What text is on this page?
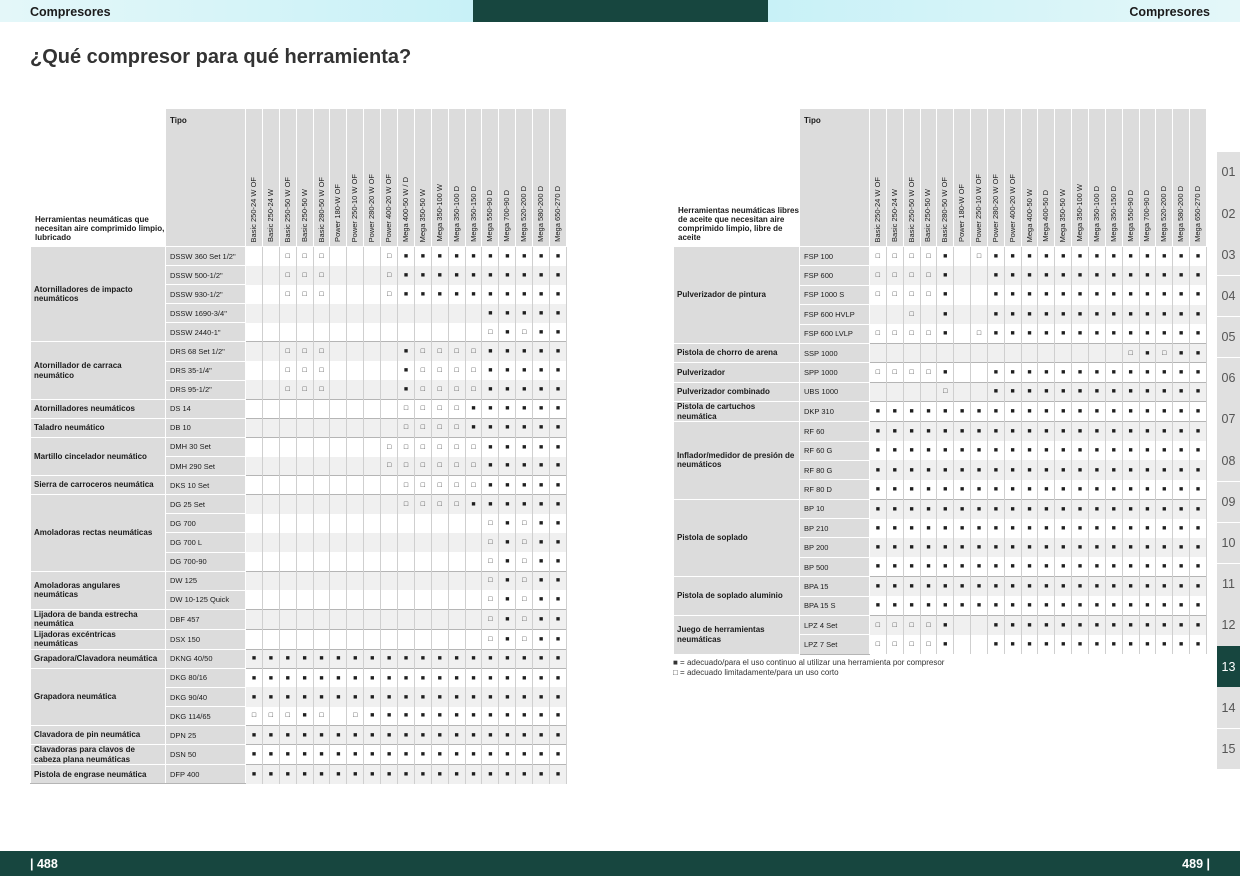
Compresores	Compresores
¿Qué compresor para qué herramienta?
Herramientas neumáticas que necesitan aire comprimido limpio, lubricado	Tipo	Basic 250-24 W OF	Basic 250-24 W	Basic 250-50 W OF	Basic 250-50 W	Basic 280-50 W OF	Power 180-W OF	Power 250-10 W OF	Power 280-20 W OF	Power 400-20 W OF	Mega 400-50 W / D	Mega 350-50 W	Mega 350-100 W	Mega 350-100 D	Mega 350-150 D	Mega 550-90 D	Mega 700-90 D	Mega 520-200 D	Mega 580-200 D	Mega 650-270 D

Atornilladores de impacto neumáticos	DSSW 360 Set 1/2"			□	□	□				□	■	■	■	■	■	■	■	■	■	■
	DSSW 500-1/2"			□	□	□				□	■	■	■	■	■	■	■	■	■	■
	DSSW 930-1/2"			□	□	□				□	■	■	■	■	■	■	■	■	■	■
	DSSW 1690-3/4"															■	■	■	■	■
	DSSW 2440-1"															□	■	□	■	■
Atornillador de carraca neumático	DRS 68 Set 1/2"			□	□	□					■	□	□	□	□	■	■	■	■	■
	DRS 35-1/4"			□	□	□					■	□	□	□	□	■	■	■	■	■
	DRS 95-1/2"			□	□	□					■	□	□	□	□	■	■	■	■	■
Atornilladores neumáticos	DS 14										□	□	□	□	■	■	■	■	■	■
Taladro neumático	DB 10										□	□	□	□	■	■	■	■	■	■
Martillo cincelador neumático	DMH 30 Set									□	□	□	□	□	□	■	■	■	■	■
	DMH 290 Set									□	□	□	□	□	□	■	■	■	■	■
Sierra de carroceros neumática	DKS 10 Set										□	□	□	□	□	■	■	■	■	■
Amoladoras rectas neumáticas	DG 25 Set										□	□	□	□	■	■	■	■	■	■
	DG 700															□	■	□	■	■
	DG 700 L															□	■	□	■	■
	DG 700-90															□	■	□	■	■
Amoladoras angulares neumáticas	DW 125															□	■	□	■	■
	DW 10-125 Quick															□	■	□	■	■
Lijadora de banda estrecha neumática	DBF 457															□	■	□	■	■
Lijadoras excéntricas neumáticas	DSX 150															□	■	□	■	■
Grapadora/Clavadora neumática	DKNG 40/50	■	■	■	■	■	■	■	■	■	■	■	■	■	■	■	■	■	■	■
Grapadora neumática	DKG 80/16	■	■	■	■	■	■	■	■	■	■	■	■	■	■	■	■	■	■	■
	DKG 90/40	■	■	■	■	■	■	■	■	■	■	■	■	■	■	■	■	■	■	■
	DKG 114/65	□	□	□	■	□		□	■	■	■	■	■	■	■	■	■	■	■	■
Clavadora de pin neumática	DPN 25	■	■	■	■	■	■	■	■	■	■	■	■	■	■	■	■	■	■	■
Clavadoras para clavos de cabeza plana neumáticas	DSN 50	■	■	■	■	■	■	■	■	■	■	■	■	■	■	■	■	■	■	■
Pistola de engrase neumática	DFP 400	■	■	■	■	■	■	■	■	■	■	■	■	■	■	■	■	■	■	■
Herramientas neumáticas libres de aceite que necesitan aire comprimido limpio, libre de aceite	Tipo	Basic 250-24 W OF	Basic 250-24 W	Basic 250-50 W OF	Basic 250-50 W	Basic 280-50 W OF	Power 180-W OF	Power 250-10 W OF	Power 280-20 W OF	Power 400-20 W OF	Mega 400-50 W	Mega 400-50 D	Mega 350-50 W	Mega 350-100 W	Mega 350-100 D	Mega 350-150 D	Mega 550-90 D	Mega 700-90 D	Mega 520-200 D	Mega 580-200 D	Mega 650-270 D

Pulverizador de pintura	FSP 100	□	□	□	□	■		□	■	■	■	■	■	■	■	■	■	■	■	■	■
	FSP 600	□	□	□	□	■			■	■	■	■	■	■	■	■	■	■	■	■	■
	FSP 1000 S	□	□	□	□	■			■	■	■	■	■	■	■	■	■	■	■	■	■
	FSP 600 HVLP			□		■			■	■	■	■	■	■	■	■	■	■	■	■	■
	FSP 600 LVLP	□	□	□	□	■		□	■	■	■	■	■	■	■	■	■	■	■	■	■
Pistola de chorro de arena	SSP 1000																□	■	□	■	■
Pulverizador	SPP 1000	□	□	□	□	■			■	■	■	■	■	■	■	■	■	■	■	■	■
Pulverizador combinado	UBS 1000					□			■	■	■	■	■	■	■	■	■	■	■	■	■
Pistola de cartuchos neumática	DKP 310	■	■	■	■	■	■	■	■	■	■	■	■	■	■	■	■	■	■	■	■
Inflador/medidor de presión de neumáticos	RF 60	■	■	■	■	■	■	■	■	■	■	■	■	■	■	■	■	■	■	■	■
	RF 60 G	■	■	■	■	■	■	■	■	■	■	■	■	■	■	■	■	■	■	■	■
	RF 80 G	■	■	■	■	■	■	■	■	■	■	■	■	■	■	■	■	■	■	■	■
	RF 80 D	■	■	■	■	■	■	■	■	■	■	■	■	■	■	■	■	■	■	■	■
Pistola de soplado	BP 10	■	■	■	■	■	■	■	■	■	■	■	■	■	■	■	■	■	■	■	■
	BP 210	■	■	■	■	■	■	■	■	■	■	■	■	■	■	■	■	■	■	■	■
	BP 200	■	■	■	■	■	■	■	■	■	■	■	■	■	■	■	■	■	■	■	■
	BP 500	■	■	■	■	■	■	■	■	■	■	■	■	■	■	■	■	■	■	■	■
Pistola de soplado aluminio	BPA 15	■	■	■	■	■	■	■	■	■	■	■	■	■	■	■	■	■	■	■	■
	BPA 15 S	■	■	■	■	■	■	■	■	■	■	■	■	■	■	■	■	■	■	■	■
Juego de herramientas neumáticas	LPZ 4 Set	□	□	□	□	■			■	■	■	■	■	■	■	■	■	■	■	■	■
	LPZ 7 Set	□	□	□	□	■			■	■	■	■	■	■	■	■	■	■	■	■	■
■ = adecuado/para el uso continuo al utilizar una herramienta por compresor
□ = adecuado limitadamente/para un uso corto
01
02
03
04
05
06
07
08
09
10
11
12
13
14
15
| 488	489 |
